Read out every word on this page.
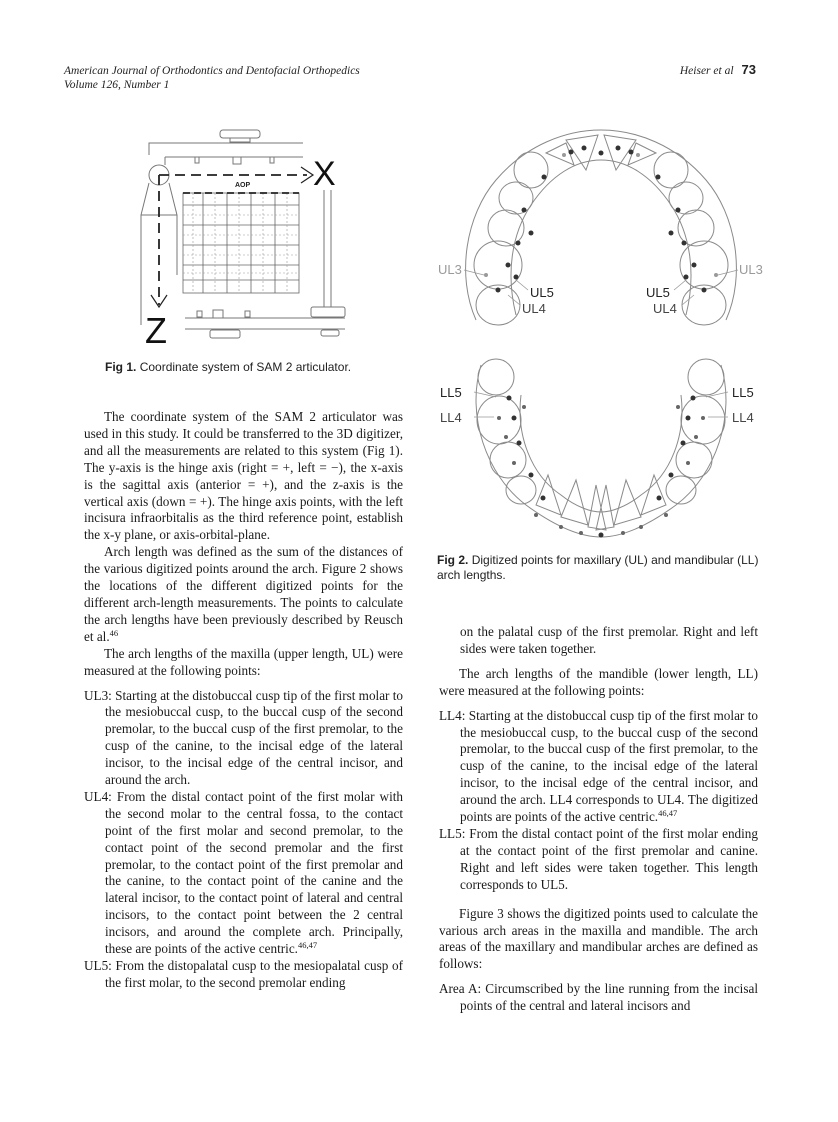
American Journal of Orthodontics and Dentofacial Orthopedics
Volume 126, Number 1
Heiser et al 73
AOP X
Z
Fig 1. Coordinate system of SAM 2 articulator.
UL3	UL3
UL5	UL5
UL4	UL4
LL5	LL5
LL4	LL4
Fig 2. Digitized points for maxillary (UL) and mandibular (LL) arch lengths.

The coordinate system of the SAM 2 articulator was used in this study. It could be transferred to the 3D digitizer, and all the measurements are related to this system (Fig 1). The y-axis is the hinge axis (right = +, left = −), the x-axis is the sagittal axis (anterior = +), and the z-axis is the vertical axis (down = +). The hinge axis points, with the left incisura infraorbitalis as the third reference point, establish the x-y plane, or axis-orbital-plane.

Arch length was defined as the sum of the distances of the various digitized points around the arch. Figure 2 shows the locations of the different digitized points for the different arch-length measurements. The points to calculate the arch lengths have been previously described by Reusch et al.$^{46}$

The arch lengths of the maxilla (upper length, UL) were measured at the following points:

UL3: Starting at the distobuccal cusp tip of the first molar to the mesiobuccal cusp, to the buccal cusp of the second premolar, to the buccal cusp of the first premolar, to the cusp of the canine, to the incisal edge of the lateral incisor, to the incisal edge of the central incisor, and around the arch.

UL4: From the distal contact point of the first molar with the second molar to the central fossa, to the contact point of the first molar and second premolar, to the contact point of the second premolar and the first premolar, to the contact point of the first premolar and the canine, to the contact point of the canine and the lateral incisor, to the contact point of lateral and central incisors, to the contact point between the 2 central incisors, and around the complete arch. Principally, these are points of the active centric.$^{46,47}$

UL5: From the distopalatal cusp to the mesiopalatal cusp of the first molar, to the second premolar ending

on the palatal cusp of the first premolar. Right and left sides were taken together.

The arch lengths of the mandible (lower length, LL) were measured at the following points:

LL4: Starting at the distobuccal cusp tip of the first molar to the mesiobuccal cusp, to the buccal cusp of the second premolar, to the buccal cusp of the first premolar, to the cusp of the canine, to the incisal edge of the lateral incisor, to the incisal edge of the central incisor, and around the arch. LL4 corresponds to UL4. The digitized points are points of the active centric.$^{46,47}$

LL5: From the distal contact point of the first molar ending at the contact point of the first premolar and canine. Right and left sides were taken together. This length corresponds to UL5.

Figure 3 shows the digitized points used to calculate the various arch areas in the maxilla and mandible. The arch areas of the maxillary and mandibular arches are defined as follows:

Area A: Circumscribed by the line running from the incisal points of the central and lateral incisors and
